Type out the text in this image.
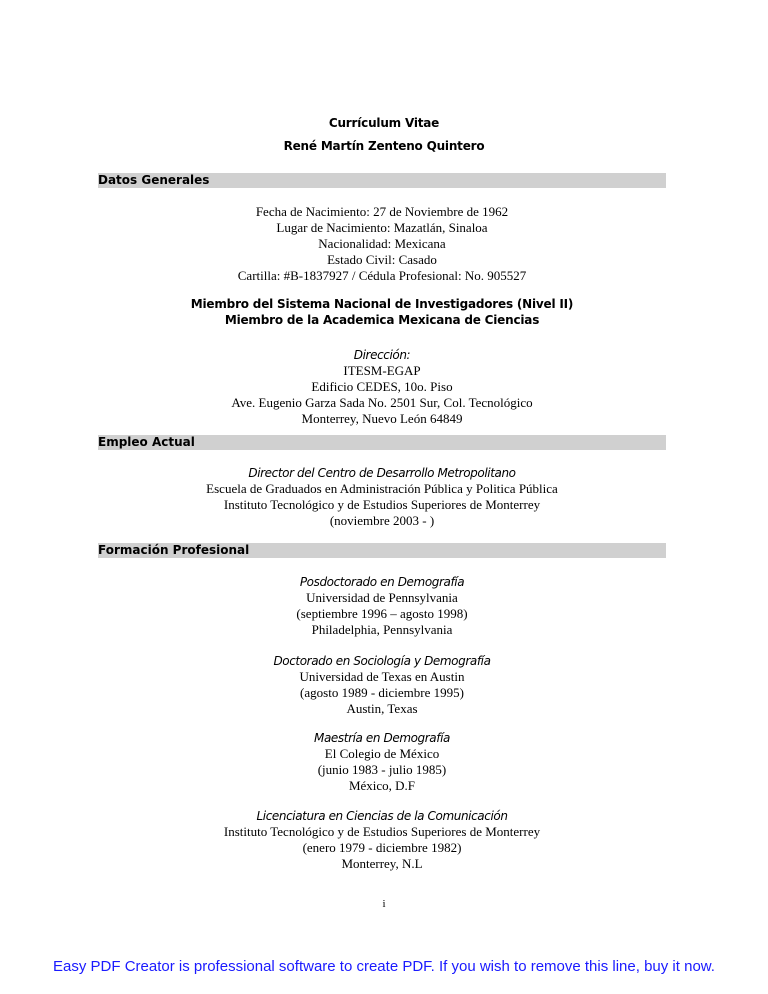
Currículum Vitae
René Martín Zenteno Quintero
Datos Generales
Fecha de Nacimiento: 27 de Noviembre de 1962
Lugar de Nacimiento: Mazatlán, Sinaloa
Nacionalidad: Mexicana
Estado Civil: Casado
Cartilla: #B-1837927 / Cédula Profesional: No. 905527
Miembro del Sistema Nacional de Investigadores (Nivel II)
Miembro de la Academica Mexicana de Ciencias
Dirección:
ITESM-EGAP
Edificio CEDES, 10o. Piso
Ave. Eugenio Garza Sada No. 2501 Sur, Col. Tecnológico
Monterrey, Nuevo León 64849
Empleo Actual
Director del Centro de Desarrollo Metropolitano
Escuela de Graduados en Administración Pública y Politica Pública
Instituto Tecnológico y de Estudios Superiores de Monterrey
(noviembre 2003 - )
Formación Profesional
Posdoctorado en Demografía
Universidad de Pennsylvania
(septiembre 1996 – agosto 1998)
Philadelphia, Pennsylvania
Doctorado en Sociología y Demografía
Universidad de Texas en Austin
(agosto 1989 - diciembre 1995)
Austin, Texas
Maestría en Demografía
El Colegio de México
(junio 1983 - julio 1985)
México, D.F
Licenciatura en Ciencias de la Comunicación
Instituto Tecnológico y de Estudios Superiores de Monterrey
(enero 1979 - diciembre 1982)
Monterrey, N.L
i
Easy PDF Creator is professional software to create PDF. If you wish to remove this line, buy it now.
